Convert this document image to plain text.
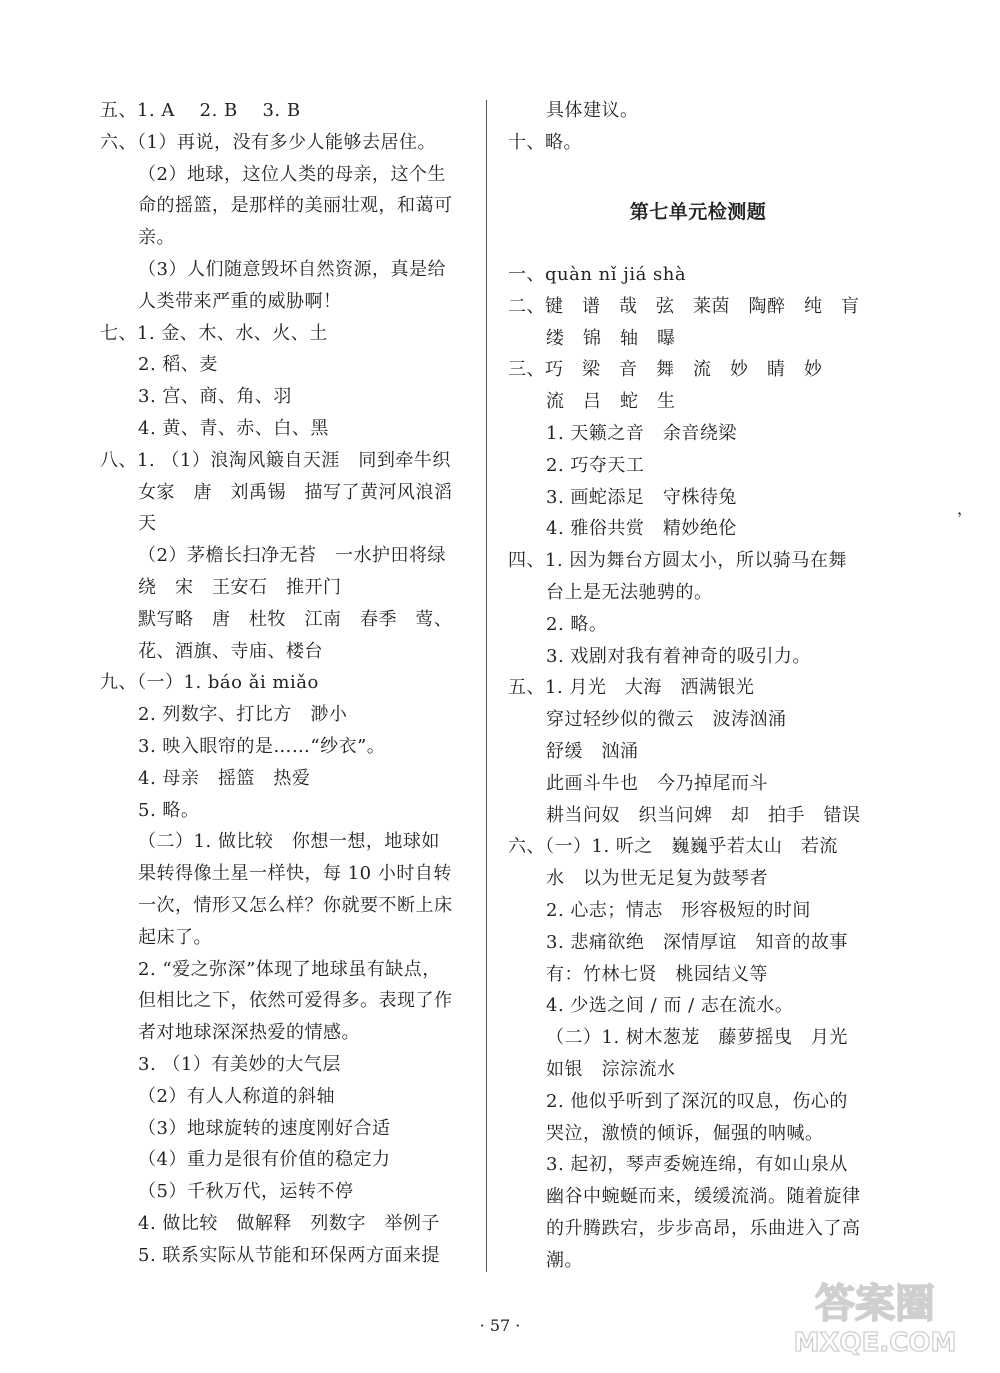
五、1. A　 2. B　 3. B
六、（1）再说，没有多少人能够去居住。
（2）地球，这位人类的母亲，这个生
命的摇篮，是那样的美丽壮观，和蔼可
亲。
（3）人们随意毁坏自然资源，真是给
人类带来严重的威胁啊！
七、1. 金、木、水、火、土
2. 稻、麦
3. 宫、商、角、羽
4. 黄、青、赤、白、黑
八、1. （1）浪淘风簸自天涯　同到牵牛织
女家　唐　刘禹锡　描写了黄河风浪滔
天
（2）茅檐长扫净无苔　一水护田将绿
绕　宋　王安石　推开门
默写略　唐　杜牧　江南　春季　莺、
花、酒旗、寺庙、楼台
九、（一）1. báo ǎi miǎo
2. 列数字、打比方　渺小
3. 映入眼帘的是……“纱衣”。
4. 母亲　摇篮　热爱
5. 略。
（二）1. 做比较　你想一想，地球如
果转得像土星一样快，每 10 小时自转
一次，情形又怎么样？你就要不断上床
起床了。
2. “爱之弥深”体现了地球虽有缺点，
但相比之下，依然可爱得多。表现了作
者对地球深深热爱的情感。
3. （1）有美妙的大气层
（2）有人人称道的斜轴
（3）地球旋转的速度刚好合适
（4）重力是很有价值的稳定力
（5）千秋万代，运转不停
4. 做比较　做解释　列数字　举例子
5. 联系实际从节能和环保两方面来提
具体建议。
十、略。
第七单元检测题
一、quàn nǐ jiá shà
二、键　谱　哉　弦　莱茵　陶醉　纯　肓
缕　锦　轴　曝
三、巧　梁　音　舞　流　妙　睛　妙
流　吕　蛇　生
1. 天籁之音　余音绕梁
2. 巧夺天工
3. 画蛇添足　守株待兔
4. 雅俗共赏　精妙绝伦
四、1. 因为舞台方圆太小，所以骑马在舞
台上是无法驰骋的。
2. 略。
3. 戏剧对我有着神奇的吸引力。
五、1. 月光　大海　洒满银光
穿过轻纱似的微云　波涛汹涌
舒缓　汹涌
此画斗牛也　今乃掉尾而斗
耕当问奴　织当问婢　却　拍手　错误
六、（一）1. 听之　巍巍乎若太山　若流
水　以为世无足复为鼓琴者
2. 心志；情志　形容极短的时间
3. 悲痛欲绝　深情厚谊　知音的故事
有：竹林七贤　桃园结义等
4. 少选之间 / 而 / 志在流水。
（二）1. 树木葱茏　藤萝摇曳　月光
如银　淙淙流水
2. 他似乎听到了深沉的叹息，伤心的
哭泣，激愤的倾诉，倔强的呐喊。
3. 起初，琴声委婉连绵，有如山泉从
幽谷中蜿蜒而来，缓缓流淌。随着旋律
的升腾跌宕，步步高昂，乐曲进入了高
潮。
，
· 57 ·	答案圈
MXQE.COM
